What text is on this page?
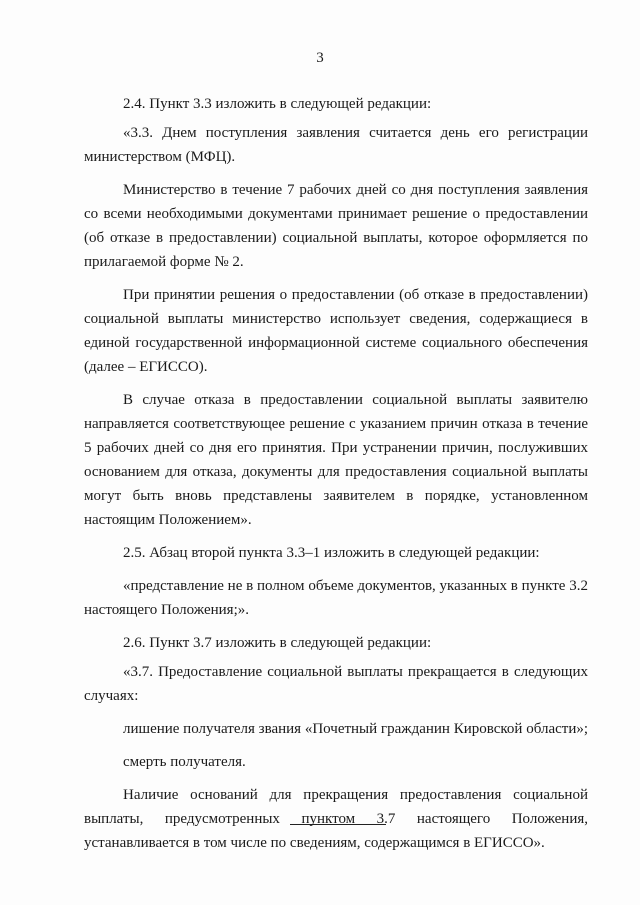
3

2.4. Пункт 3.3 изложить в следующей редакции:

«3.3. Днем поступления заявления считается день его регистрации министерством (МФЦ).

Министерство в течение 7 рабочих дней со дня поступления заявления со всеми необходимыми документами принимает решение о предоставлении (об отказе в предоставлении) социальной выплаты, которое оформляется по прилагаемой форме № 2.

При принятии решения о предоставлении (об отказе в предоставлении) социальной выплаты министерство использует сведения, содержащиеся в единой государственной информационной системе социального обеспечения (далее – ЕГИССО).

В случае отказа в предоставлении социальной выплаты заявителю направляется соответствующее решение с указанием причин отказа в течение 5 рабочих дней со дня его принятия. При устранении причин, послуживших основанием для отказа, документы для предоставления социальной выплаты могут быть вновь представлены заявителем в порядке, установленном настоящим Положением».

2.5. Абзац второй пункта 3.3–1 изложить в следующей редакции:

«представление не в полном объеме документов, указанных в пункте 3.2 настоящего Положения;».

2.6. Пункт 3.7 изложить в следующей редакции:

«3.7. Предоставление социальной выплаты прекращается в следующих случаях:

лишение получателя звания «Почетный гражданин Кировской области»;

смерть получателя.

Наличие оснований для прекращения предоставления социальной выплаты, предусмотренных пунктом 3.7 настоящего Положения, устанавливается в том числе по сведениям, содержащимся в ЕГИССО».
